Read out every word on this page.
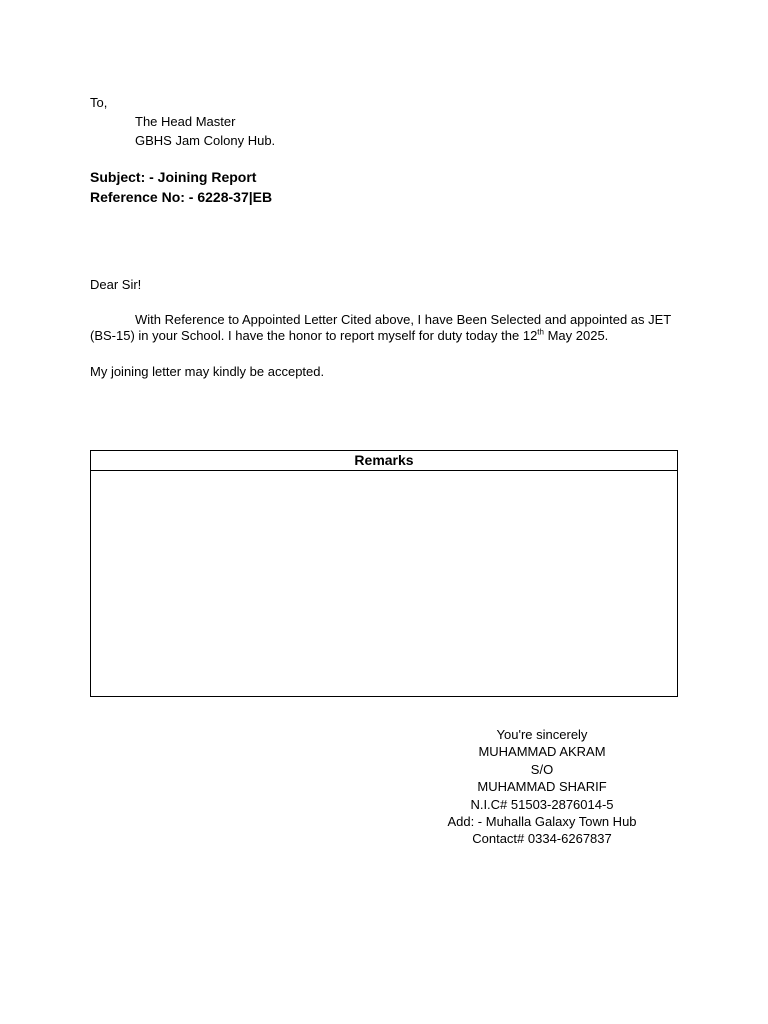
To,
The Head Master
GBHS Jam Colony Hub.
Subject: - Joining Report
Reference No: - 6228-37|EB
Dear Sir!
With Reference to Appointed Letter Cited above, I have Been Selected and appointed as JET (BS-15) in your School. I have the honor to report myself for duty today the 12th May 2025.
My joining letter may kindly be accepted.
Remarks
You're sincerely
MUHAMMAD AKRAM
S/O
MUHAMMAD SHARIF
N.I.C# 51503-2876014-5
Add: - Muhalla Galaxy Town Hub
Contact# 0334-6267837
